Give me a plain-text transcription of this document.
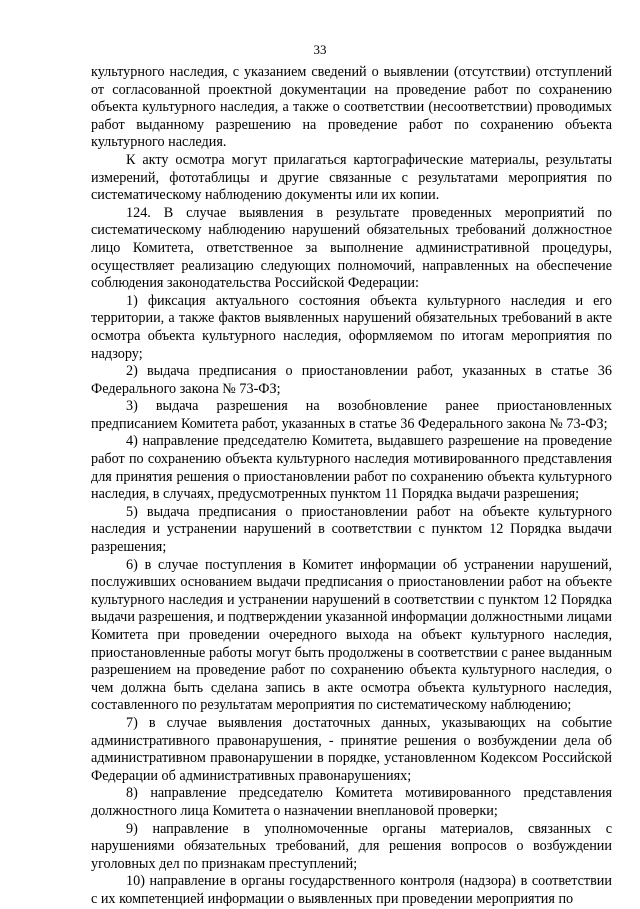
33

культурного наследия, с указанием сведений о выявлении (отсутствии) отступлений от согласованной проектной документации на проведение работ по сохранению объекта культурного наследия, а также о соответствии (несоответствии) проводимых работ выданному разрешению на проведение работ по сохранению объекта культурного наследия.

К акту осмотра могут прилагаться картографические материалы, результаты измерений, фототаблицы и другие связанные с результатами мероприятия по систематическому наблюдению документы или их копии.

124. В случае выявления в результате проведенных мероприятий по систематическому наблюдению нарушений обязательных требований должностное лицо Комитета, ответственное за выполнение административной процедуры, осуществляет реализацию следующих полномочий, направленных на обеспечение соблюдения законодательства Российской Федерации:

1) фиксация актуального состояния объекта культурного наследия и его территории, а также фактов выявленных нарушений обязательных требований в акте осмотра объекта культурного наследия, оформляемом по итогам мероприятия по надзору;

2) выдача предписания о приостановлении работ, указанных в статье 36 Федерального закона № 73-ФЗ;

3) выдача разрешения на возобновление ранее приостановленных предписанием Комитета работ, указанных в статье 36 Федерального закона № 73-ФЗ;

4) направление председателю Комитета, выдавшего разрешение на проведение работ по сохранению объекта культурного наследия мотивированного представления для принятия решения о приостановлении работ по сохранению объекта культурного наследия, в случаях, предусмотренных пунктом 11 Порядка выдачи разрешения;

5) выдача предписания о приостановлении работ на объекте культурного наследия и устранении нарушений в соответствии с пунктом 12 Порядка выдачи разрешения;

6) в случае поступления в Комитет информации об устранении нарушений, послуживших основанием выдачи предписания о приостановлении работ на объекте культурного наследия и устранении нарушений в соответствии с пунктом 12 Порядка выдачи разрешения, и подтверждении указанной информации должностными лицами Комитета при проведении очередного выхода на объект культурного наследия, приостановленные работы могут быть продолжены в соответствии с ранее выданным разрешением на проведение работ по сохранению объекта культурного наследия, о чем должна быть сделана запись в акте осмотра объекта культурного наследия, составленного по результатам мероприятия по систематическому наблюдению;

7) в случае выявления достаточных данных, указывающих на событие административного правонарушения, - принятие решения о возбуждении дела об административном правонарушении в порядке, установленном Кодексом Российской Федерации об административных правонарушениях;

8) направление председателю Комитета мотивированного представления должностного лица Комитета о назначении внеплановой проверки;

9) направление в уполномоченные органы материалов, связанных с нарушениями обязательных требований, для решения вопросов о возбуждении уголовных дел по признакам преступлений;

10) направление в органы государственного контроля (надзора) в соответствии с их компетенцией информации о выявленных при проведении мероприятия по
